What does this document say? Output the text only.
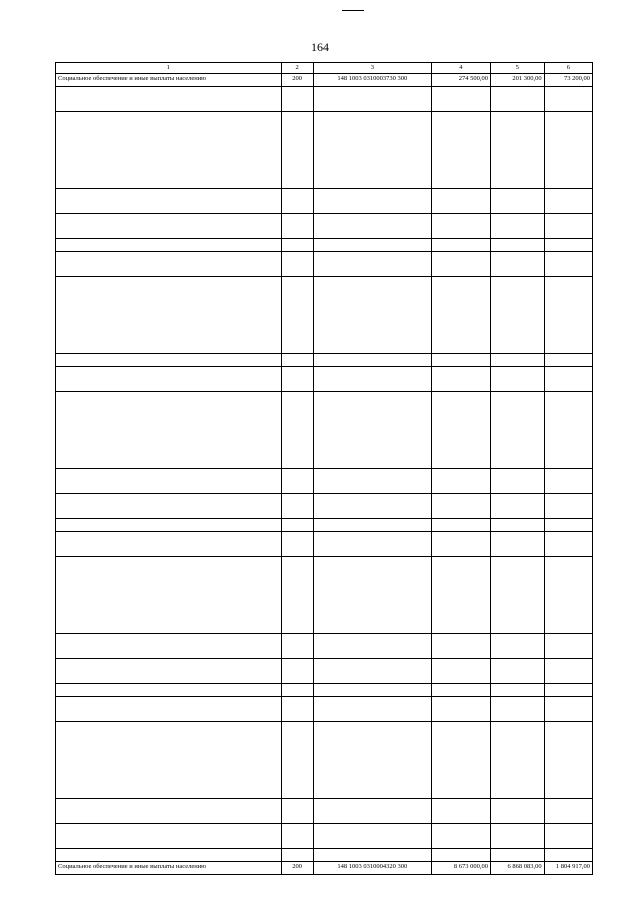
164
1	2	3	4	5	6
Социальное обеспечение и иные выплаты населению	200	148 1003 0310003730 300	274 500,00	201 300,00	73 200,00

Социальное обеспечение и иные выплаты населению	200	148 1003 0310004320 300	8 673 000,00	6 868 083,00	1 804 917,00
